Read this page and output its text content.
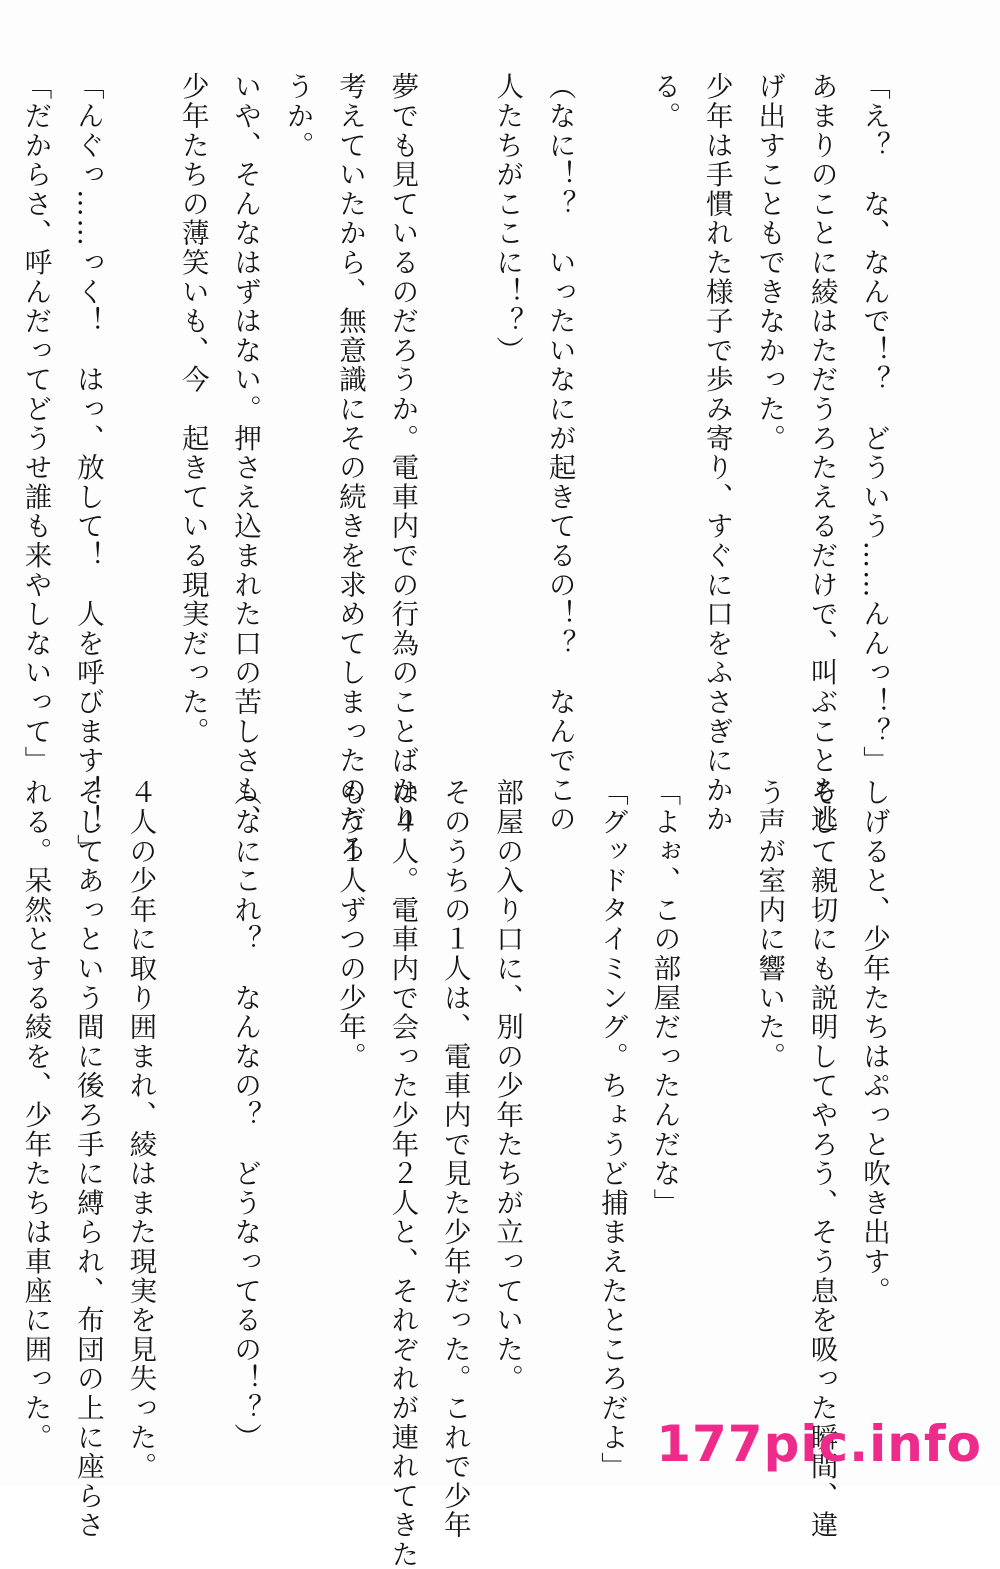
「え？　な、なんで！？　どういう……んんっ！？」
あまりのことに綾はただうろたえるだけで、叫ぶことも逃
げ出すこともできなかった。
少年は手慣れた様子で歩み寄り、すぐに口をふさぎにかか
る。

（なに！？　いったいなにが起きてるの！？　なんでこの
人たちがここに！？）

夢でも見ているのだろうか。電車内での行為のことばかり
考えていたから、無意識にその続きを求めてしまったのだろ
うか。
いや、そんなはずはない。押さえ込まれた口の苦しさも、
少年たちの薄笑いも、今　起きている現実だった。

「んぐっ……っく！　はっ、放して！　人を呼びます！！」
「だからさ、呼んだってどうせ誰も来やしないって」

しげると、少年たちはぷっと吹き出す。
そして親切にも説明してやろう、そう息を吸った瞬間、違
う声が室内に響いた。

「よぉ、この部屋だったんだな」
「グッドタイミング。ちょうど捕まえたところだよ」

部屋の入り口に、別の少年たちが立っていた。
そのうちの１人は、電車内で見た少年だった。これで少年
は４人。電車内で会った少年２人と、それぞれが連れてきた
もう１人ずつの少年。

（なにこれ？　なんなの？　どうなってるの！？）

４人の少年に取り囲まれ、綾はまた現実を見失った。
そしてあっという間に後ろ手に縛られ、布団の上に座らさ
れる。呆然とする綾を、少年たちは車座に囲った。
　	177pic.info
